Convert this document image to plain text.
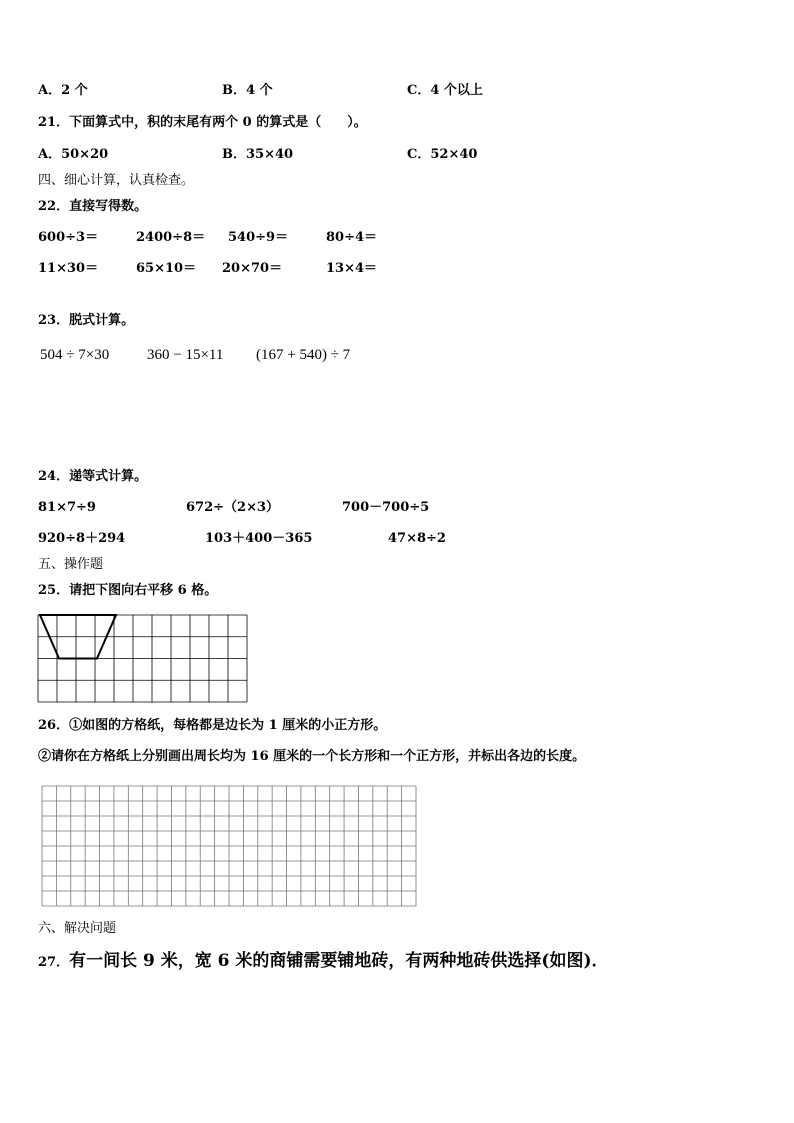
A．2 个	B．4 个	C．4 个以上
21．下面算式中，积的末尾有两个 0 的算式是（　　）。
A．50×20	B．35×40	C．52×40
四、细心计算，认真检查。
22．直接写得数。
600÷3＝	2400÷8＝ 540÷9＝	80÷4＝
11×30＝	65×10＝ 20×70＝	13×4＝
23．脱式计算。
504 ÷ 7×30	360 − 15×11 (167 + 540) ÷ 7
24．递等式计算。
81×7÷9	672÷（2×3）	700－700÷5
920÷8＋294	103＋400－365	47×8÷2
五、操作题
25．请把下图向右平移 6 格。
26．①如图的方格纸，每格都是边长为 1 厘米的小正方形。
②请你在方格纸上分别画出周长均为 16 厘米的一个长方形和一个正方形，并标出各边的长度。
六、解决问题
27．有一间长 9 米，宽 6 米的商铺需要铺地砖，有两种地砖供选择(如图)．
